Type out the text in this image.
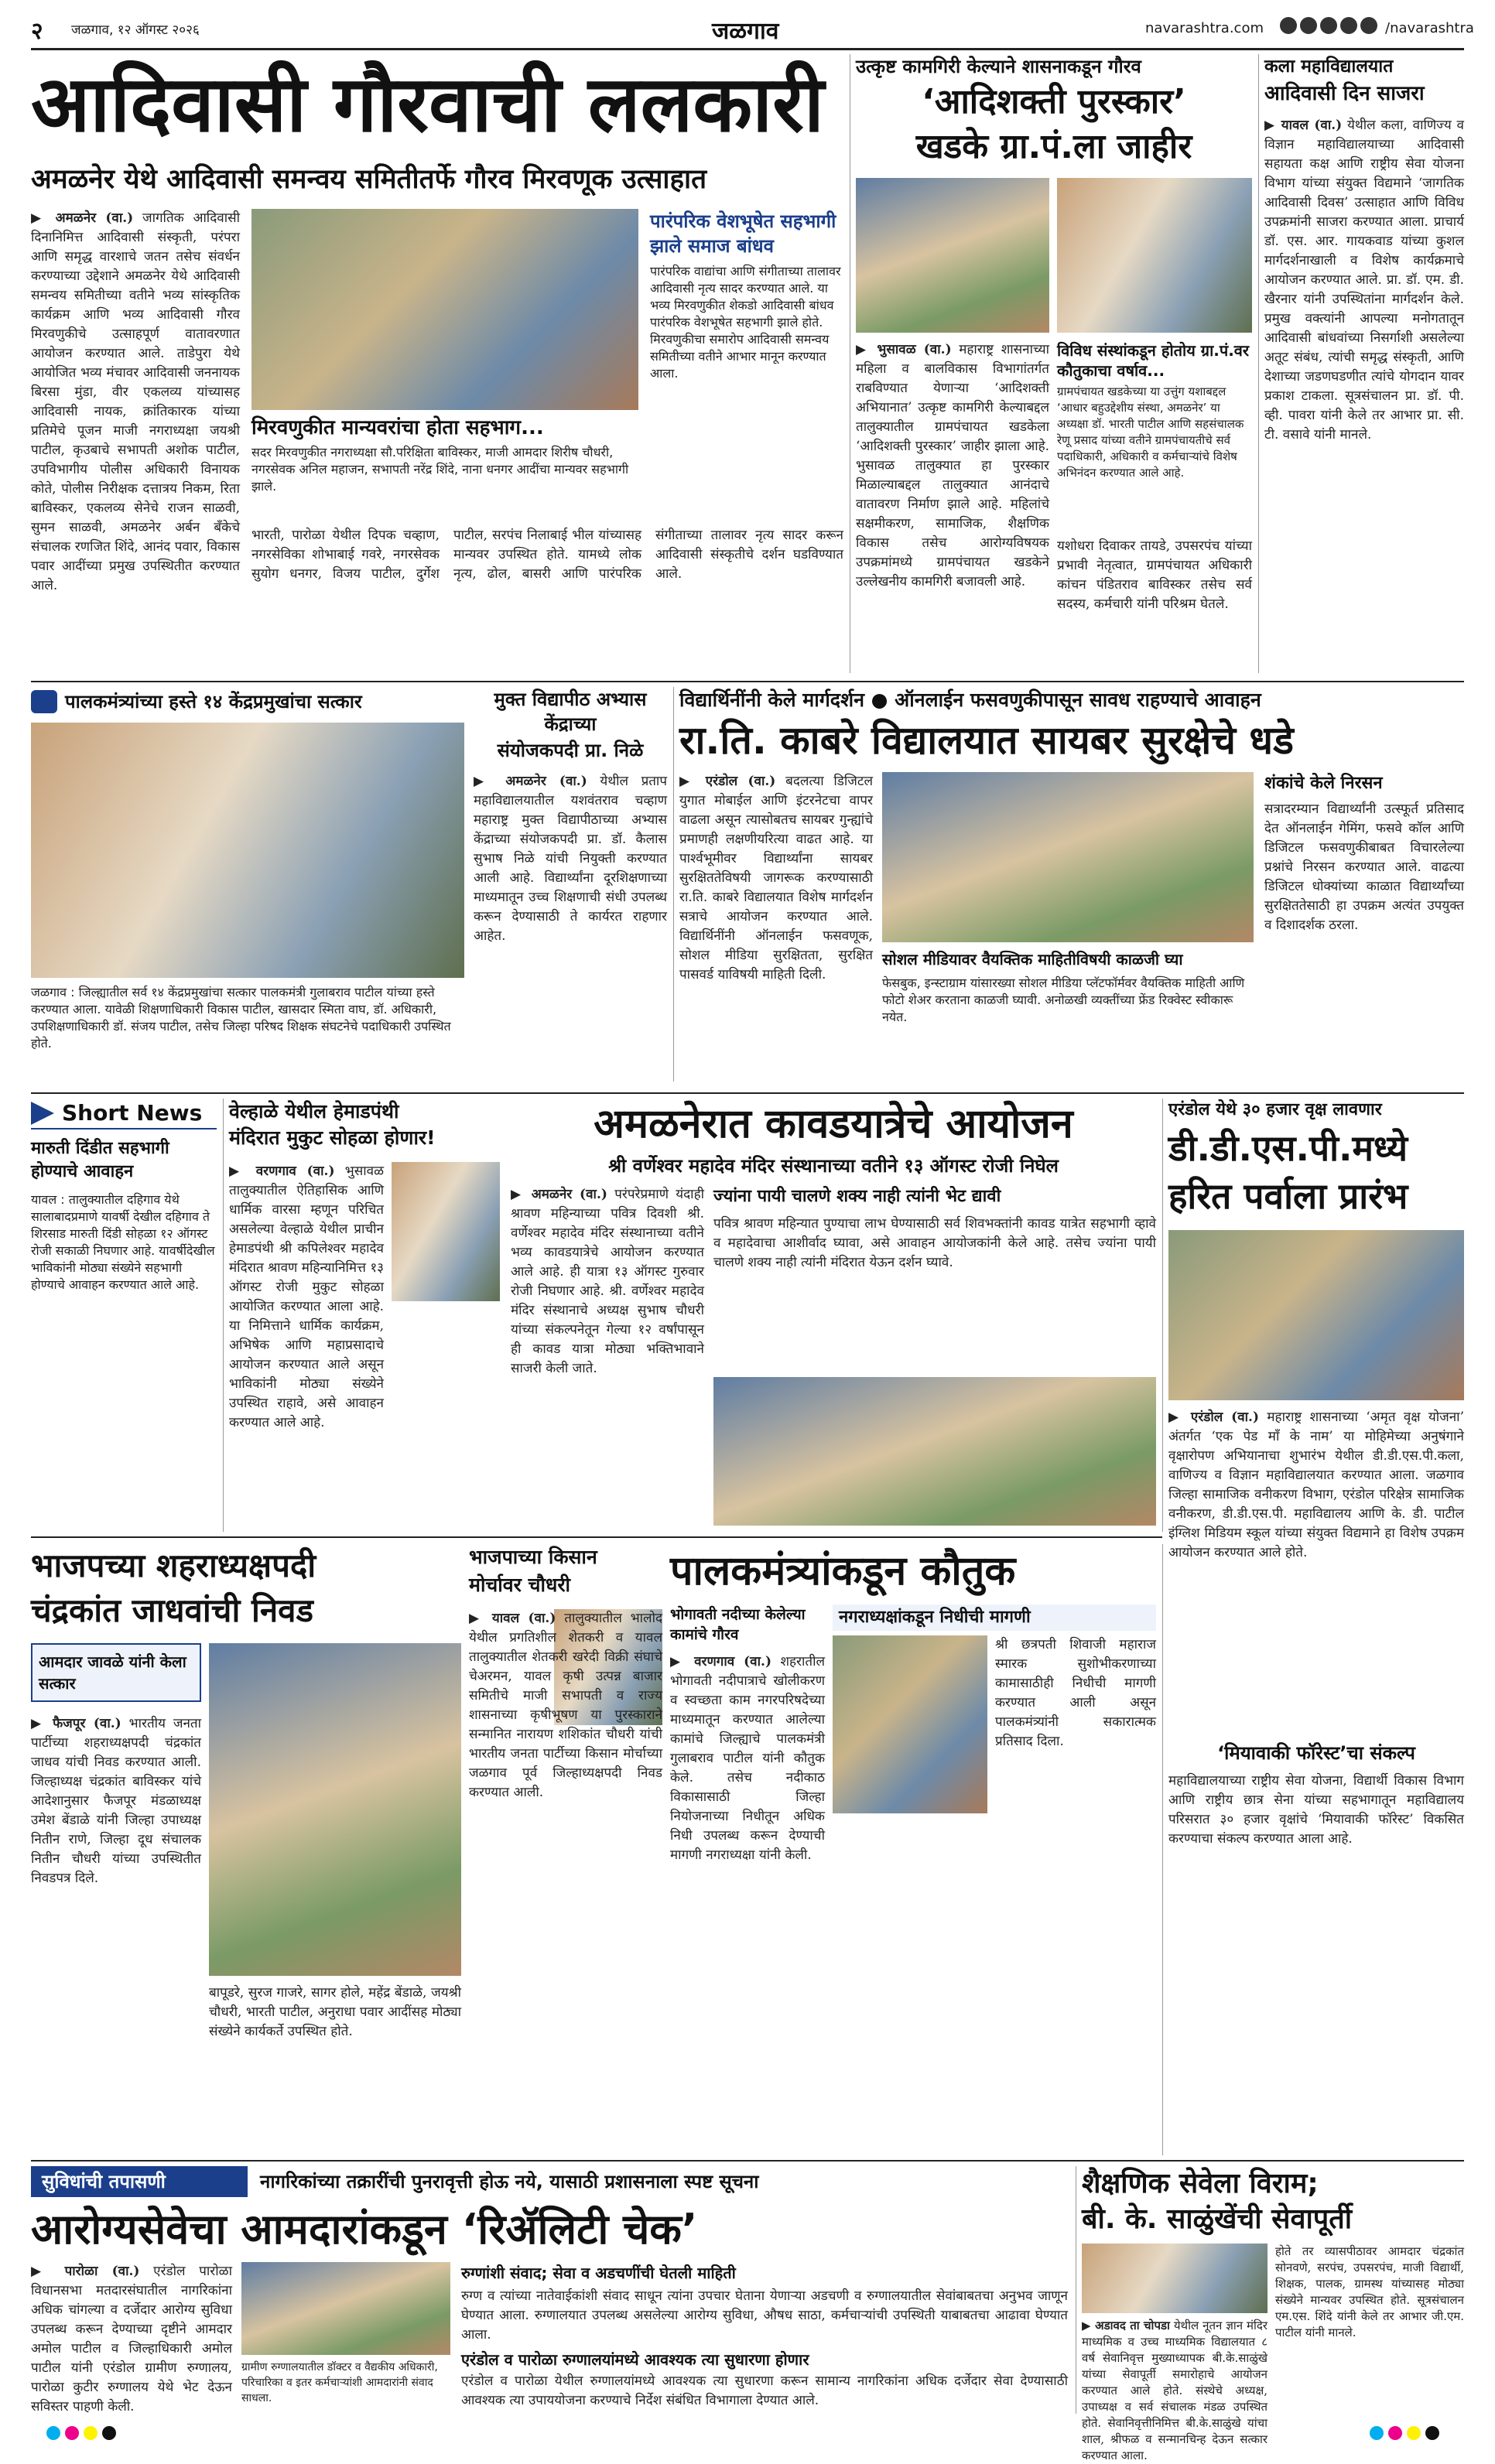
२ जळगाव, १२ ऑगस्ट २०२६	जळगाव	navarashtra.com	/navarashtra
आदिवासी गौरवाची ललकारी
अमळनेर येथे आदिवासी समन्वय समितीतर्फे गौरव मिरवणूक उत्साहात
▶ अमळनेर (वा.) जागतिक आदिवासी दिनानिमित्त आदिवासी संस्कृती, परंपरा आणि समृद्ध वारशाचे जतन तसेच संवर्धन करण्याच्या उद्देशाने अमळनेर येथे आदिवासी समन्वय समितीच्या वतीने भव्य सांस्कृतिक कार्यक्रम आणि भव्य आदिवासी गौरव मिरवणुकीचे उत्साहपूर्ण वातावरणात आयोजन करण्यात आले. ताडेपुरा येथे आयोजित भव्य मंचावर आदिवासी जननायक बिरसा मुंडा, वीर एकलव्य यांच्यासह आदिवासी नायक, क्रांतिकारक यांच्या प्रतिमेचे पूजन माजी नगराध्यक्षा जयश्री पाटील, कृउबाचे सभापती अशोक पाटील, उपविभागीय पोलीस अधिकारी विनायक कोते, पोलीस निरीक्षक दत्तात्रय निकम, रिता बाविस्कर, एकलव्य सेनेचे राजन साळवी, सुमन साळवी, अमळनेर अर्बन बँकेचे संचालक रणजित शिंदे, आनंद पवार, विकास पवार आदींच्या प्रमुख उपस्थितीत करण्यात आले.
मिरवणुकीत मान्यवरांचा होता सहभाग...
सदर मिरवणुकीत नगराध्यक्षा सौ.परिक्षिता बाविस्कर, माजी आमदार शिरीष चौधरी, नगरसेवक अनिल महाजन, सभापती नरेंद्र शिंदे, नाना धनगर आदींचा मान्यवर सहभागी झाले.
पारंपरिक वेशभूषेत सहभागी झाले समाज बांधव
पारंपरिक वाद्यांचा आणि संगीताच्या तालावर आदिवासी नृत्य सादर करण्यात आले. या भव्य मिरवणुकीत शेकडो आदिवासी बांधव पारंपरिक वेशभूषेत सहभागी झाले होते. मिरवणुकीचा समारोप आदिवासी समन्वय समितीच्या वतीने आभार मानून करण्यात आला.
भारती, पारोळा येथील दिपक चव्हाण, नगरसेविका शोभाबाई गवरे, नगरसेवक सुयोग धनगर, विजय पाटील, दुर्गेश पाटील, सरपंच निलाबाई भील यांच्यासह मान्यवर उपस्थित होते. यामध्ये लोक नृत्य, ढोल, बासरी आणि पारंपरिक संगीताच्या तालावर नृत्य सादर करून आदिवासी संस्कृतीचे दर्शन घडविण्यात आले.
उत्कृष्ट कामगिरी केल्याने शासनाकडून गौरव
‘आदिशक्ती पुरस्कार’
खडके ग्रा.पं.ला जाहीर
▶ भुसावळ (वा.) महाराष्ट्र शासनाच्या महिला व बालविकास विभागांतर्गत राबविण्यात येणाऱ्या ‘आदिशक्ती अभियानात’ उत्कृष्ट कामगिरी केल्याबद्दल तालुक्यातील ग्रामपंचायत खडकेला ‘आदिशक्ती पुरस्कार’ जाहीर झाला आहे. भुसावळ तालुक्यात हा पुरस्कार मिळाल्याबद्दल तालुक्यात आनंदाचे वातावरण निर्माण झाले आहे. महिलांचे सक्षमीकरण, सामाजिक, शैक्षणिक विकास तसेच आरोग्यविषयक उपक्रमांमध्ये ग्रामपंचायत खडकेने उल्लेखनीय कामगिरी बजावली आहे.
विविध संस्थांकडून होतोय ग्रा.पं.वर कौतुकाचा वर्षाव...
ग्रामपंचायत खडकेच्या या उत्तुंग यशाबद्दल ‘आधार बहुउद्देशीय संस्था, अमळनेर’ या अध्यक्षा डॉ. भारती पाटील आणि सहसंचालक रेणू प्रसाद यांच्या वतीने ग्रामपंचायतीचे सर्व पदाधिकारी, अधिकारी व कर्मचाऱ्यांचे विशेष अभिनंदन करण्यात आले आहे.
यशोधरा दिवाकर तायडे, उपसरपंच यांच्या प्रभावी नेतृत्वात, ग्रामपंचायत अधिकारी कांचन पंडितराव बाविस्कर तसेच सर्व सदस्य, कर्मचारी यांनी परिश्रम घेतले.
कला महाविद्यालयात
आदिवासी दिन साजरा
▶ यावल (वा.) येथील कला, वाणिज्य व विज्ञान महाविद्यालयाच्या आदिवासी सहायता कक्ष आणि राष्ट्रीय सेवा योजना विभाग यांच्या संयुक्त विद्यमाने ‘जागतिक आदिवासी दिवस’ उत्साहात आणि विविध उपक्रमांनी साजरा करण्यात आला. प्राचार्य डॉ. एस. आर. गायकवाड यांच्या कुशल मार्गदर्शनाखाली व विशेष कार्यक्रमाचे आयोजन करण्यात आले. प्रा. डॉ. एम. डी. खैरनार यांनी उपस्थितांना मार्गदर्शन केले. प्रमुख वक्त्यांनी आपल्या मनोगतातून आदिवासी बांधवांच्या निसर्गाशी असलेल्या अतूट संबंध, त्यांची समृद्ध संस्कृती, आणि देशाच्या जडणघडणीत त्यांचे योगदान यावर प्रकाश टाकला. सूत्रसंचालन प्रा. डॉ. पी. व्ही. पावरा यांनी केले तर आभार प्रा. सी. टी. वसावे यांनी मानले.
पालकमंत्र्यांच्या हस्ते १४ केंद्रप्रमुखांचा सत्कार
जळगाव : जिल्ह्यातील सर्व १४ केंद्रप्रमुखांचा सत्कार पालकमंत्री गुलाबराव पाटील यांच्या हस्ते करण्यात आला. यावेळी शिक्षणाधिकारी विकास पाटील, खासदार स्मिता वाघ, डॉ. अधिकारी, उपशिक्षणाधिकारी डॉ. संजय पाटील, तसेच जिल्हा परिषद शिक्षक संघटनेचे पदाधिकारी उपस्थित होते.
मुक्त विद्यापीठ अभ्यास केंद्राच्या
संयोजकपदी प्रा. निळे
▶ अमळनेर (वा.) येथील प्रताप महाविद्यालयातील यशवंतराव चव्हाण महाराष्ट्र मुक्त विद्यापीठाच्या अभ्यास केंद्राच्या संयोजकपदी प्रा. डॉ. कैलास सुभाष निळे यांची नियुक्ती करण्यात आली आहे. विद्यार्थ्यांना दूरशिक्षणाच्या माध्यमातून उच्च शिक्षणाची संधी उपलब्ध करून देण्यासाठी ते कार्यरत राहणार आहेत.
विद्यार्थिनींनी केले मार्गदर्शन ● ऑनलाईन फसवणुकीपासून सावध राहण्याचे आवाहन
रा.ति. काबरे विद्यालयात सायबर सुरक्षेचे धडे
▶ एरंडोल (वा.) बदलत्या डिजिटल युगात मोबाईल आणि इंटरनेटचा वापर वाढला असून त्यासोबतच सायबर गुन्ह्यांचे प्रमाणही लक्षणीयरित्या वाढत आहे. या पार्श्वभूमीवर विद्यार्थ्यांना सायबर सुरक्षिततेविषयी जागरूक करण्यासाठी रा.ति. काबरे विद्यालयात विशेष मार्गदर्शन सत्राचे आयोजन करण्यात आले. विद्यार्थिनींनी ऑनलाईन फसवणूक, सोशल मीडिया सुरक्षितता, सुरक्षित पासवर्ड याविषयी माहिती दिली.
सोशल मीडियावर वैयक्तिक माहितीविषयी काळजी घ्या
फेसबुक, इन्स्टाग्राम यांसारख्या सोशल मीडिया प्लॅटफॉर्मवर वैयक्तिक माहिती आणि फोटो शेअर करताना काळजी घ्यावी. अनोळखी व्यक्तींच्या फ्रेंड रिक्वेस्ट स्वीकारू नयेत.
शंकांचे केले निरसन
सत्रादरम्यान विद्यार्थ्यांनी उत्स्फूर्त प्रतिसाद देत ऑनलाईन गेमिंग, फसवे कॉल आणि डिजिटल फसवणुकीबाबत विचारलेल्या प्रश्नांचे निरसन करण्यात आले. वाढत्या डिजिटल धोक्यांच्या काळात विद्यार्थ्यांच्या सुरक्षिततेसाठी हा उपक्रम अत्यंत उपयुक्त व दिशादर्शक ठरला.
Short News
मारुती दिंडीत सहभागी होण्याचे आवाहन
यावल : तालुक्यातील दहिगाव येथे सालाबादप्रमाणे यावर्षी देखील दहिगाव ते शिरसाड मारुती दिंडी सोहळा १२ ऑगस्ट रोजी सकाळी निघणार आहे. यावर्षीदेखील भाविकांनी मोठ्या संख्येने सहभागी होण्याचे आवाहन करण्यात आले आहे.
वेल्हाळे येथील हेमाडपंथी
मंदिरात मुकुट सोहळा होणार!
▶ वरणगाव (वा.) भुसावळ तालुक्यातील ऐतिहासिक आणि धार्मिक वारसा म्हणून परिचित असलेल्या वेल्हाळे येथील प्राचीन हेमाडपंथी श्री कपिलेश्वर महादेव मंदिरात श्रावण महिन्यानिमित्त १३ ऑगस्ट रोजी मुकुट सोहळा आयोजित करण्यात आला आहे. या निमित्ताने धार्मिक कार्यक्रम, अभिषेक आणि महाप्रसादाचे आयोजन करण्यात आले असून भाविकांनी मोठ्या संख्येने उपस्थित राहावे, असे आवाहन करण्यात आले आहे.
अमळनेरात कावडयात्रेचे आयोजन
श्री वर्णेश्वर महादेव मंदिर संस्थानाच्या वतीने १३ ऑगस्ट रोजी निघेल
▶ अमळनेर (वा.) परंपरेप्रमाणे यंदाही श्रावण महिन्याच्या पवित्र दिवशी श्री. वर्णेश्वर महादेव मंदिर संस्थानाच्या वतीने भव्य कावडयात्रेचे आयोजन करण्यात आले आहे. ही यात्रा १३ ऑगस्ट गुरुवार रोजी निघणार आहे. श्री. वर्णेश्वर महादेव मंदिर संस्थानाचे अध्यक्ष सुभाष चौधरी यांच्या संकल्पनेतून गेल्या १२ वर्षांपासून ही कावड यात्रा मोठ्या भक्तिभावाने साजरी केली जाते.
ज्यांना पायी चालणे शक्य नाही त्यांनी भेट द्यावी
पवित्र श्रावण महिन्यात पुण्याचा लाभ घेण्यासाठी सर्व शिवभक्तांनी कावड यात्रेत सहभागी व्हावे व महादेवाचा आशीर्वाद घ्यावा, असे आवाहन आयोजकांनी केले आहे. तसेच ज्यांना पायी चालणे शक्य नाही त्यांनी मंदिरात येऊन दर्शन घ्यावे.
एरंडोल येथे ३० हजार वृक्ष लावणार
डी.डी.एस.पी.मध्ये
हरित पर्वाला प्रारंभ
भाजपच्या शहराध्यक्षपदी
चंद्रकांत जाधवांची निवड
आमदार जावळे यांनी केला सत्कार
▶ फैजपूर (वा.) भारतीय जनता पार्टीच्या शहराध्यक्षपदी चंद्रकांत जाधव यांची निवड करण्यात आली. जिल्हाध्यक्ष चंद्रकांत बाविस्कर यांचे आदेशानुसार फैजपूर मंडळाध्यक्ष उमेश बेंडाळे यांनी जिल्हा उपाध्यक्ष नितीन राणे, जिल्हा दूध संचालक नितीन चौधरी यांच्या उपस्थितीत निवडपत्र दिले.
बापूडरे, सुरज गाजरे, सागर होले, महेंद्र बेंडाळे, जयश्री चौधरी, भारती पाटील, अनुराधा पवार आदींसह मोठ्या संख्येने कार्यकर्ते उपस्थित होते.
भाजपाच्या किसान
मोर्चावर चौधरी
▶ यावल (वा.) तालुक्यातील भालोद येथील प्रगतिशील शेतकरी व यावल तालुक्यातील शेतकरी खरेदी विक्री संघाचे चेअरमन, यावल कृषी उत्पन्न बाजार समितीचे माजी सभापती व राज्य शासनाच्या कृषीभूषण या पुरस्काराने सन्मानित नारायण शशिकांत चौधरी यांची भारतीय जनता पार्टीच्या किसान मोर्चाच्या जळगाव पूर्व जिल्हाध्यक्षपदी निवड करण्यात आली.
पालकमंत्र्यांकडून कौतुक
भोगावती नदीच्या केलेल्या कामांचे गौरव
नगराध्यक्षांकडून निधीची मागणी
▶ वरणगाव (वा.) शहरातील भोगावती नदीपात्राचे खोलीकरण व स्वच्छता काम नगरपरिषदेच्या माध्यमातून करण्यात आलेल्या कामांचे जिल्ह्याचे पालकमंत्री गुलाबराव पाटील यांनी कौतुक केले. तसेच नदीकाठ विकासासाठी जिल्हा नियोजनाच्या निधीतून अधिक निधी उपलब्ध करून देण्याची मागणी नगराध्यक्षा यांनी केली.
श्री छत्रपती शिवाजी महाराज स्मारक सुशोभीकरणाच्या कामासाठीही निधीची मागणी करण्यात आली असून पालकमंत्र्यांनी सकारात्मक प्रतिसाद दिला.
▶ एरंडोल (वा.) महाराष्ट्र शासनाच्या ‘अमृत वृक्ष योजना’ अंतर्गत ‘एक पेड माँ के नाम’ या मोहिमेच्या अनुषंगाने वृक्षारोपण अभियानाचा शुभारंभ येथील डी.डी.एस.पी.कला, वाणिज्य व विज्ञान महाविद्यालयात करण्यात आला. जळगाव जिल्हा सामाजिक वनीकरण विभाग, एरंडोल परिक्षेत्र सामाजिक वनीकरण, डी.डी.एस.पी. महाविद्यालय आणि के. डी. पाटील इंग्लिश मिडियम स्कूल यांच्या संयुक्त विद्यमाने हा विशेष उपक्रम आयोजन करण्यात आले होते.
‘मियावाकी फॉरेस्ट’चा संकल्प
महाविद्यालयाच्या राष्ट्रीय सेवा योजना, विद्यार्थी विकास विभाग आणि राष्ट्रीय छात्र सेना यांच्या सहभागातून महाविद्यालय परिसरात ३० हजार वृक्षांचे ‘मियावाकी फॉरेस्ट’ विकसित करण्याचा संकल्प करण्यात आला आहे.
सुविधांची तपासणी	नागरिकांच्या तक्रारींची पुनरावृत्ती होऊ नये, यासाठी प्रशासनाला स्पष्ट सूचना
आरोग्यसेवेचा आमदारांकडून ‘रिॲलिटी चेक’
▶ पारोळा (वा.) एरंडोल पारोळा विधानसभा मतदारसंघातील नागरिकांना अधिक चांगल्या व दर्जेदार आरोग्य सुविधा उपलब्ध करून देण्याच्या दृष्टीने आमदार अमोल पाटील व जिल्हाधिकारी अमोल पाटील यांनी एरंडोल ग्रामीण रुग्णालय, पारोळा कुटीर रुग्णालय येथे भेट देऊन सविस्तर पाहणी केली.
ग्रामीण रुग्णालयातील डॉक्टर व वैद्यकीय अधिकारी, परिचारिका व इतर कर्मचाऱ्यांशी आमदारांनी संवाद साधला.
रुग्णांशी संवाद; सेवा व अडचणींची घेतली माहिती
रुग्ण व त्यांच्या नातेवाईकांशी संवाद साधून त्यांना उपचार घेताना येणाऱ्या अडचणी व रुग्णालयातील सेवांबाबतचा अनुभव जाणून घेण्यात आला. रुग्णालयात उपलब्ध असलेल्या आरोग्य सुविधा, औषध साठा, कर्मचाऱ्यांची उपस्थिती याबाबतचा आढावा घेण्यात आला.
एरंडोल व पारोळा रुग्णालयांमध्ये आवश्यक त्या सुधारणा होणार
एरंडोल व पारोळा येथील रुग्णालयांमध्ये आवश्यक त्या सुधारणा करून सामान्य नागरिकांना अधिक दर्जेदार सेवा देण्यासाठी आवश्यक त्या उपाययोजना करण्याचे निर्देश संबंधित विभागाला देण्यात आले.
शैक्षणिक सेवेला विराम;
बी. के. साळुंखेंची सेवापूर्ती
▶ अडावद ता चोपडा येथील नूतन ज्ञान मंदिर माध्यमिक व उच्च माध्यमिक विद्यालयात ८ वर्ष सेवानिवृत्त मुख्याध्यापक बी.के.साळुंखे यांच्या सेवापूर्ती समारोहाचे आयोजन करण्यात आले होते. संस्थेचे अध्यक्ष, उपाध्यक्ष व सर्व संचालक मंडळ उपस्थित होते. सेवानिवृत्तीनिमित्त बी.के.साळुंखे यांचा शाल, श्रीफळ व सन्मानचिन्ह देऊन सत्कार करण्यात आला.
होते तर व्यासपीठावर आमदार चंद्रकांत सोनवणे, सरपंच, उपसरपंच, माजी विद्यार्थी, शिक्षक, पालक, ग्रामस्थ यांच्यासह मोठ्या संख्येने मान्यवर उपस्थित होते. सूत्रसंचालन एम.एस. शिंदे यांनी केले तर आभार जी.एम. पाटील यांनी मानले.
